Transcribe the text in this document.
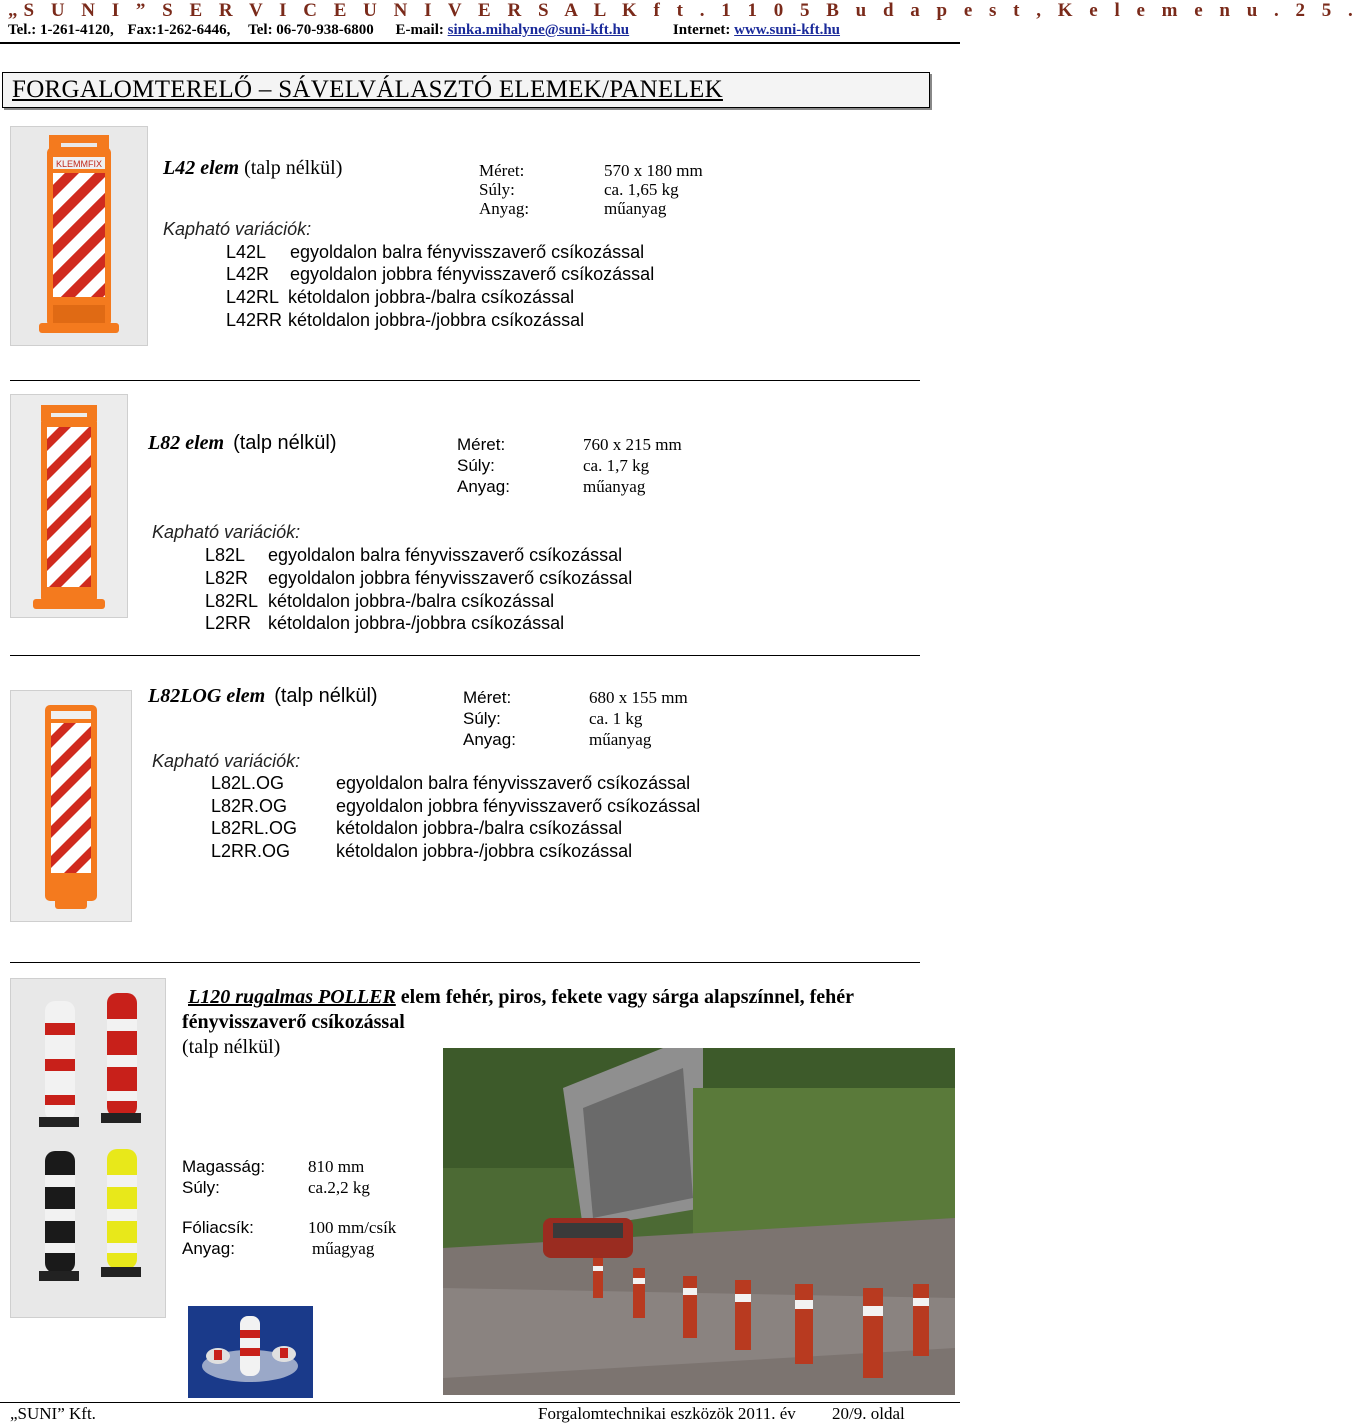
„S U N I ” S E R V I C E U N I V E R S A L K f t . 1 1 0 5 B u d a p e s t , K e l e m e n u . 2 5 .
Tel.: 1-261-4120, Fax:1-262-6446, Tel: 06-70-938-6800 E-mail: sinka.mihalyne@suni-kft.hu	Internet: www.suni-kft.hu
FORGALOMTERELŐ – SÁVELVÁLASZTÓ ELEMEK/PANELEK
KLEMMFIX	L42 elem (talp nélkül)	Méret:	570 x 180 mm
Súly:	ca. 1,65 kg
Anyag:	műanyag
Kapható variációk:
L42L egyoldalon balra fényvisszaverő csíkozással
L42R egyoldalon jobbra fényvisszaverő csíkozással
L42RL kétoldalon jobbra-/balra csíkozással
L42RR kétoldalon jobbra-/jobbra csíkozással
L82 elem (talp nélkül)	Méret:	760 x 215 mm
Súly:	ca. 1,7 kg
Anyag:	műanyag
Kapható variációk:
L82L egyoldalon balra fényvisszaverő csíkozással
L82R egyoldalon jobbra fényvisszaverő csíkozással
L82RL kétoldalon jobbra-/balra csíkozással
L2RR kétoldalon jobbra-/jobbra csíkozással
L82LOG elem (talp nélkül)	Méret:	680 x 155 mm
Súly:	ca. 1 kg
Anyag:	műanyag
Kapható variációk:
L82L.OG	egyoldalon balra fényvisszaverő csíkozással
L82R.OG	egyoldalon jobbra fényvisszaverő csíkozással
L82RL.OG kétoldalon jobbra-/balra csíkozással
L2RR.OG	kétoldalon jobbra-/jobbra csíkozással
L120 rugalmas POLLER elem fehér, piros, fekete vagy sárga alapszínnel, fehér
fényvisszaverő csíkozással
(talp nélkül)
Magasság:	810 mm
Súly:	ca.2,2 kg
Fóliacsík:	100 mm/csík
Anyag:	műagyag
„SUNI” Kft.	Forgalomtechnikai eszközök 2011. év 20/9. oldal
